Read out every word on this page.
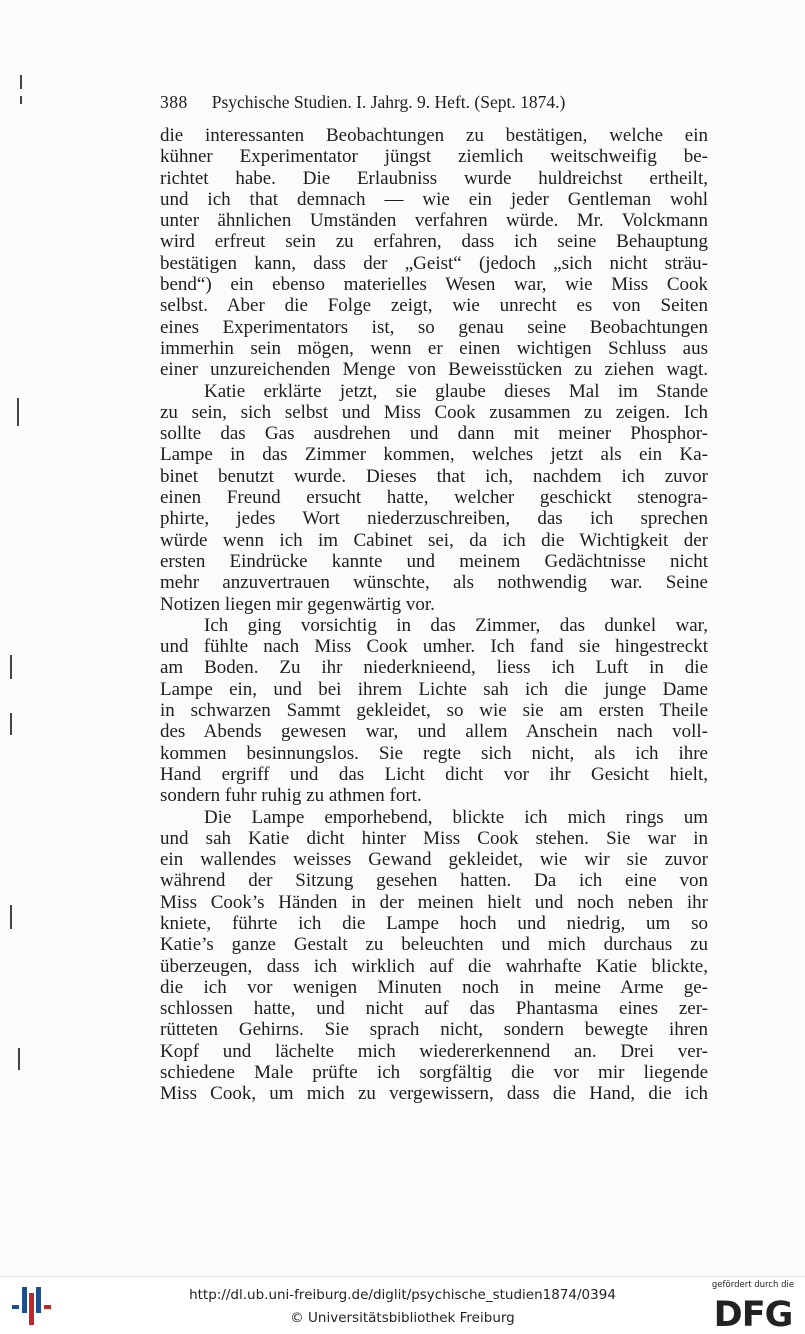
388 Psychische Studien. I. Jahrg. 9. Heft. (Sept. 1874.)
die interessanten Beobachtungen zu bestätigen, welche ein
kühner Experimentator jüngst ziemlich weitschweifig be-
richtet habe. Die Erlaubniss wurde huldreichst ertheilt,
und ich that demnach — wie ein jeder Gentleman wohl
unter ähnlichen Umständen verfahren würde. Mr. Volckmann
wird erfreut sein zu erfahren, dass ich seine Behauptung
bestätigen kann, dass der „Geist“ (jedoch „sich nicht sträu-
bend“) ein ebenso materielles Wesen war, wie Miss Cook
selbst. Aber die Folge zeigt, wie unrecht es von Seiten
eines Experimentators ist, so genau seine Beobachtungen
immerhin sein mögen, wenn er einen wichtigen Schluss aus
einer unzureichenden Menge von Beweisstücken zu ziehen wagt.
Katie erklärte jetzt, sie glaube dieses Mal im Stande
zu sein, sich selbst und Miss Cook zusammen zu zeigen. Ich
sollte das Gas ausdrehen und dann mit meiner Phosphor-
Lampe in das Zimmer kommen, welches jetzt als ein Ka-
binet benutzt wurde. Dieses that ich, nachdem ich zuvor
einen Freund ersucht hatte, welcher geschickt stenogra-
phirte, jedes Wort niederzuschreiben, das ich sprechen
würde wenn ich im Cabinet sei, da ich die Wichtigkeit der
ersten Eindrücke kannte und meinem Gedächtnisse nicht
mehr anzuvertrauen wünschte, als nothwendig war. Seine
Notizen liegen mir gegenwärtig vor.
Ich ging vorsichtig in das Zimmer, das dunkel war,
und fühlte nach Miss Cook umher. Ich fand sie hingestreckt
am Boden. Zu ihr niederknieend, liess ich Luft in die
Lampe ein, und bei ihrem Lichte sah ich die junge Dame
in schwarzen Sammt gekleidet, so wie sie am ersten Theile
des Abends gewesen war, und allem Anschein nach voll-
kommen besinnungslos. Sie regte sich nicht, als ich ihre
Hand ergriff und das Licht dicht vor ihr Gesicht hielt,
sondern fuhr ruhig zu athmen fort.
Die Lampe emporhebend, blickte ich mich rings um
und sah Katie dicht hinter Miss Cook stehen. Sie war in
ein wallendes weisses Gewand gekleidet, wie wir sie zuvor
während der Sitzung gesehen hatten. Da ich eine von
Miss Cook’s Händen in der meinen hielt und noch neben ihr
kniete, führte ich die Lampe hoch und niedrig, um so
Katie’s ganze Gestalt zu beleuchten und mich durchaus zu
überzeugen, dass ich wirklich auf die wahrhafte Katie blickte,
die ich vor wenigen Minuten noch in meine Arme ge-
schlossen hatte, und nicht auf das Phantasma eines zer-
rütteten Gehirns. Sie sprach nicht, sondern bewegte ihren
Kopf und lächelte mich wiedererkennend an. Drei ver-
schiedene Male prüfte ich sorgfältig die vor mir liegende
Miss Cook, um mich zu vergewissern, dass die Hand, die ich
http://dl.ub.uni-freiburg.de/diglit/psychische_studien1874/0394
© Universitätsbibliothek Freiburg
gefördert durch die
DFG
